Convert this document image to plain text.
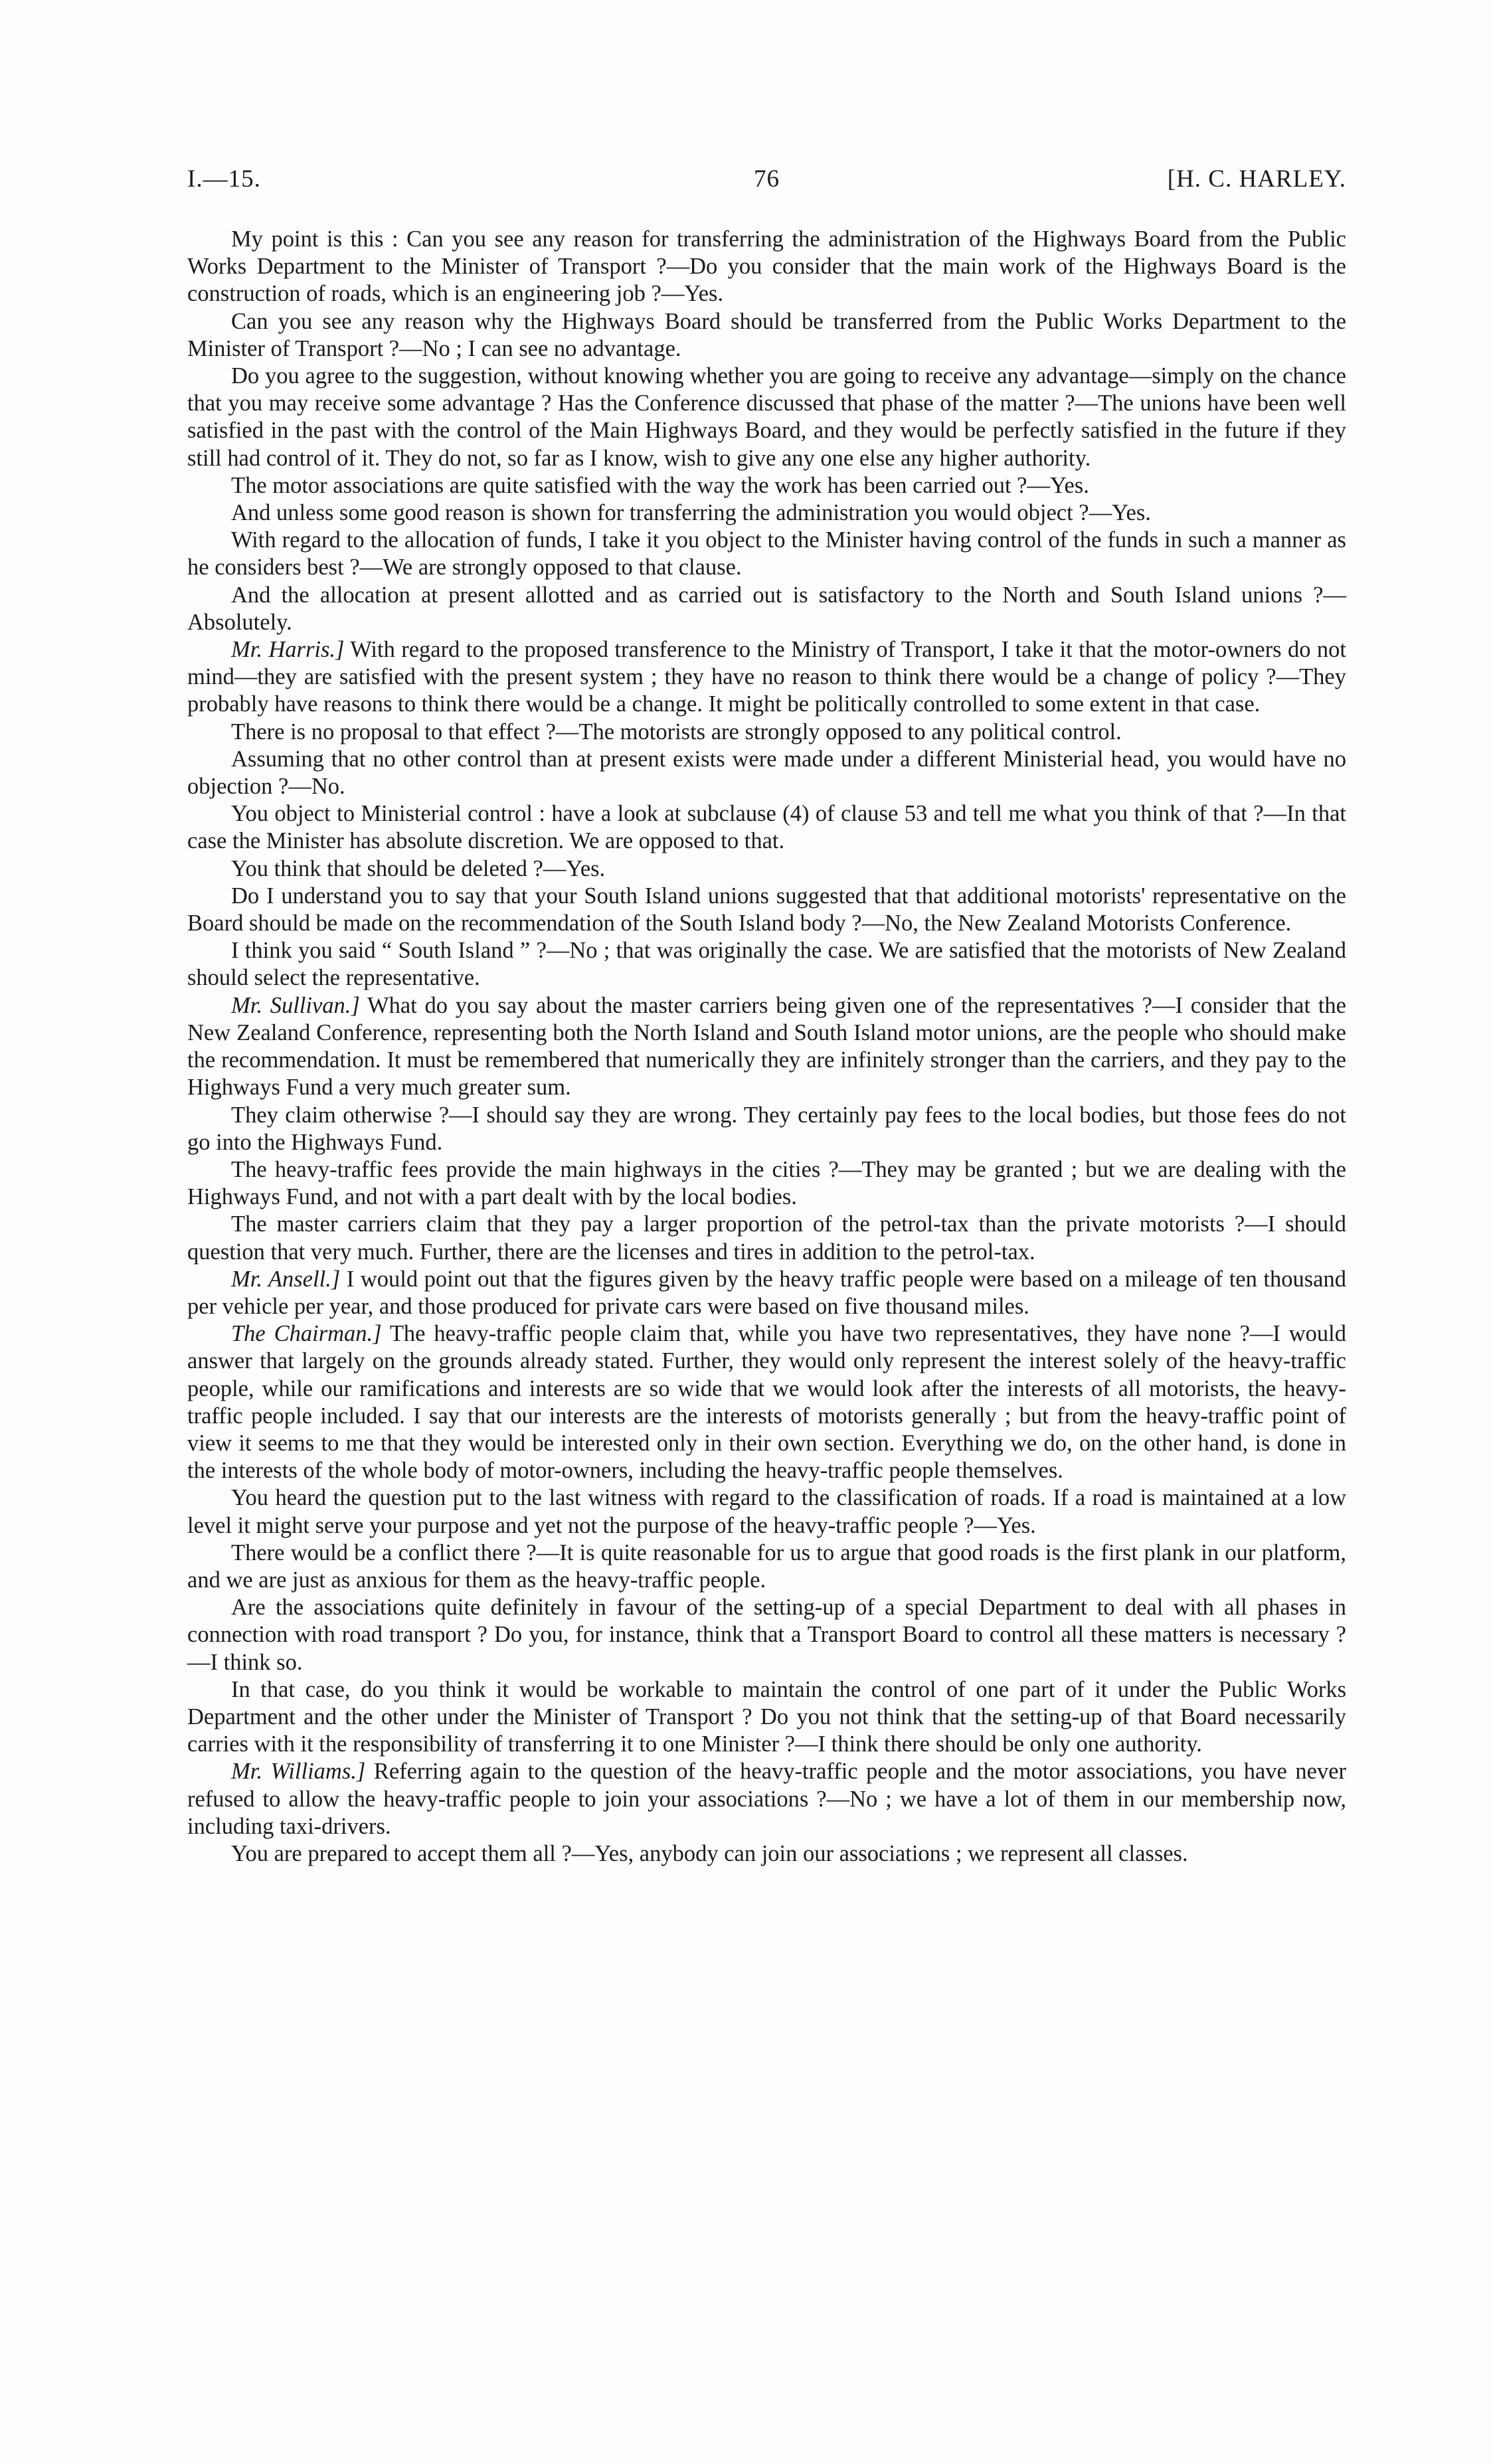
I.—15.	76	[H. C. HARLEY.

My point is this : Can you see any reason for transferring the administration of the Highways Board from the Public Works Department to the Minister of Transport ?—Do you consider that the main work of the Highways Board is the construction of roads, which is an engineering job ?—Yes.

Can you see any reason why the Highways Board should be transferred from the Public Works Department to the Minister of Transport ?—No ; I can see no advantage.

Do you agree to the suggestion, without knowing whether you are going to receive any advantage—simply on the chance that you may receive some advantage ? Has the Conference discussed that phase of the matter ?—The unions have been well satisfied in the past with the control of the Main Highways Board, and they would be perfectly satisfied in the future if they still had control of it. They do not, so far as I know, wish to give any one else any higher authority.

The motor associations are quite satisfied with the way the work has been carried out ?—Yes.

And unless some good reason is shown for transferring the administration you would object ?—Yes.

With regard to the allocation of funds, I take it you object to the Minister having control of the funds in such a manner as he considers best ?—We are strongly opposed to that clause.

And the allocation at present allotted and as carried out is satisfactory to the North and South Island unions ?—Absolutely.

Mr. Harris.] With regard to the proposed transference to the Ministry of Transport, I take it that the motor-owners do not mind—they are satisfied with the present system ; they have no reason to think there would be a change of policy ?—They probably have reasons to think there would be a change. It might be politically controlled to some extent in that case.

There is no proposal to that effect ?—The motorists are strongly opposed to any political control.

Assuming that no other control than at present exists were made under a different Ministerial head, you would have no objection ?—No.

You object to Ministerial control : have a look at subclause (4) of clause 53 and tell me what you think of that ?—In that case the Minister has absolute discretion. We are opposed to that.

You think that should be deleted ?—Yes.

Do I understand you to say that your South Island unions suggested that that additional motorists' representative on the Board should be made on the recommendation of the South Island body ?—No, the New Zealand Motorists Conference.

I think you said “ South Island ” ?—No ; that was originally the case. We are satisfied that the motorists of New Zealand should select the representative.

Mr. Sullivan.] What do you say about the master carriers being given one of the representatives ?—I consider that the New Zealand Conference, representing both the North Island and South Island motor unions, are the people who should make the recommendation. It must be remembered that numerically they are infinitely stronger than the carriers, and they pay to the Highways Fund a very much greater sum.

They claim otherwise ?—I should say they are wrong. They certainly pay fees to the local bodies, but those fees do not go into the Highways Fund.

The heavy-traffic fees provide the main highways in the cities ?—They may be granted ; but we are dealing with the Highways Fund, and not with a part dealt with by the local bodies.

The master carriers claim that they pay a larger proportion of the petrol-tax than the private motorists ?—I should question that very much. Further, there are the licenses and tires in addition to the petrol-tax.

Mr. Ansell.] I would point out that the figures given by the heavy traffic people were based on a mileage of ten thousand per vehicle per year, and those produced for private cars were based on five thousand miles.

The Chairman.] The heavy-traffic people claim that, while you have two representatives, they have none ?—I would answer that largely on the grounds already stated. Further, they would only represent the interest solely of the heavy-traffic people, while our ramifications and interests are so wide that we would look after the interests of all motorists, the heavy-traffic people included. I say that our interests are the interests of motorists generally ; but from the heavy-traffic point of view it seems to me that they would be interested only in their own section. Everything we do, on the other hand, is done in the interests of the whole body of motor-owners, including the heavy-traffic people themselves.

You heard the question put to the last witness with regard to the classification of roads. If a road is maintained at a low level it might serve your purpose and yet not the purpose of the heavy-traffic people ?—Yes.

There would be a conflict there ?—It is quite reasonable for us to argue that good roads is the first plank in our platform, and we are just as anxious for them as the heavy-traffic people.

Are the associations quite definitely in favour of the setting-up of a special Department to deal with all phases in connection with road transport ? Do you, for instance, think that a Transport Board to control all these matters is necessary ?—I think so.

In that case, do you think it would be workable to maintain the control of one part of it under the Public Works Department and the other under the Minister of Transport ? Do you not think that the setting-up of that Board necessarily carries with it the responsibility of transferring it to one Minister ?—I think there should be only one authority.

Mr. Williams.] Referring again to the question of the heavy-traffic people and the motor associations, you have never refused to allow the heavy-traffic people to join your associations ?—No ; we have a lot of them in our membership now, including taxi-drivers.

You are prepared to accept them all ?—Yes, anybody can join our associations ; we represent all classes.
